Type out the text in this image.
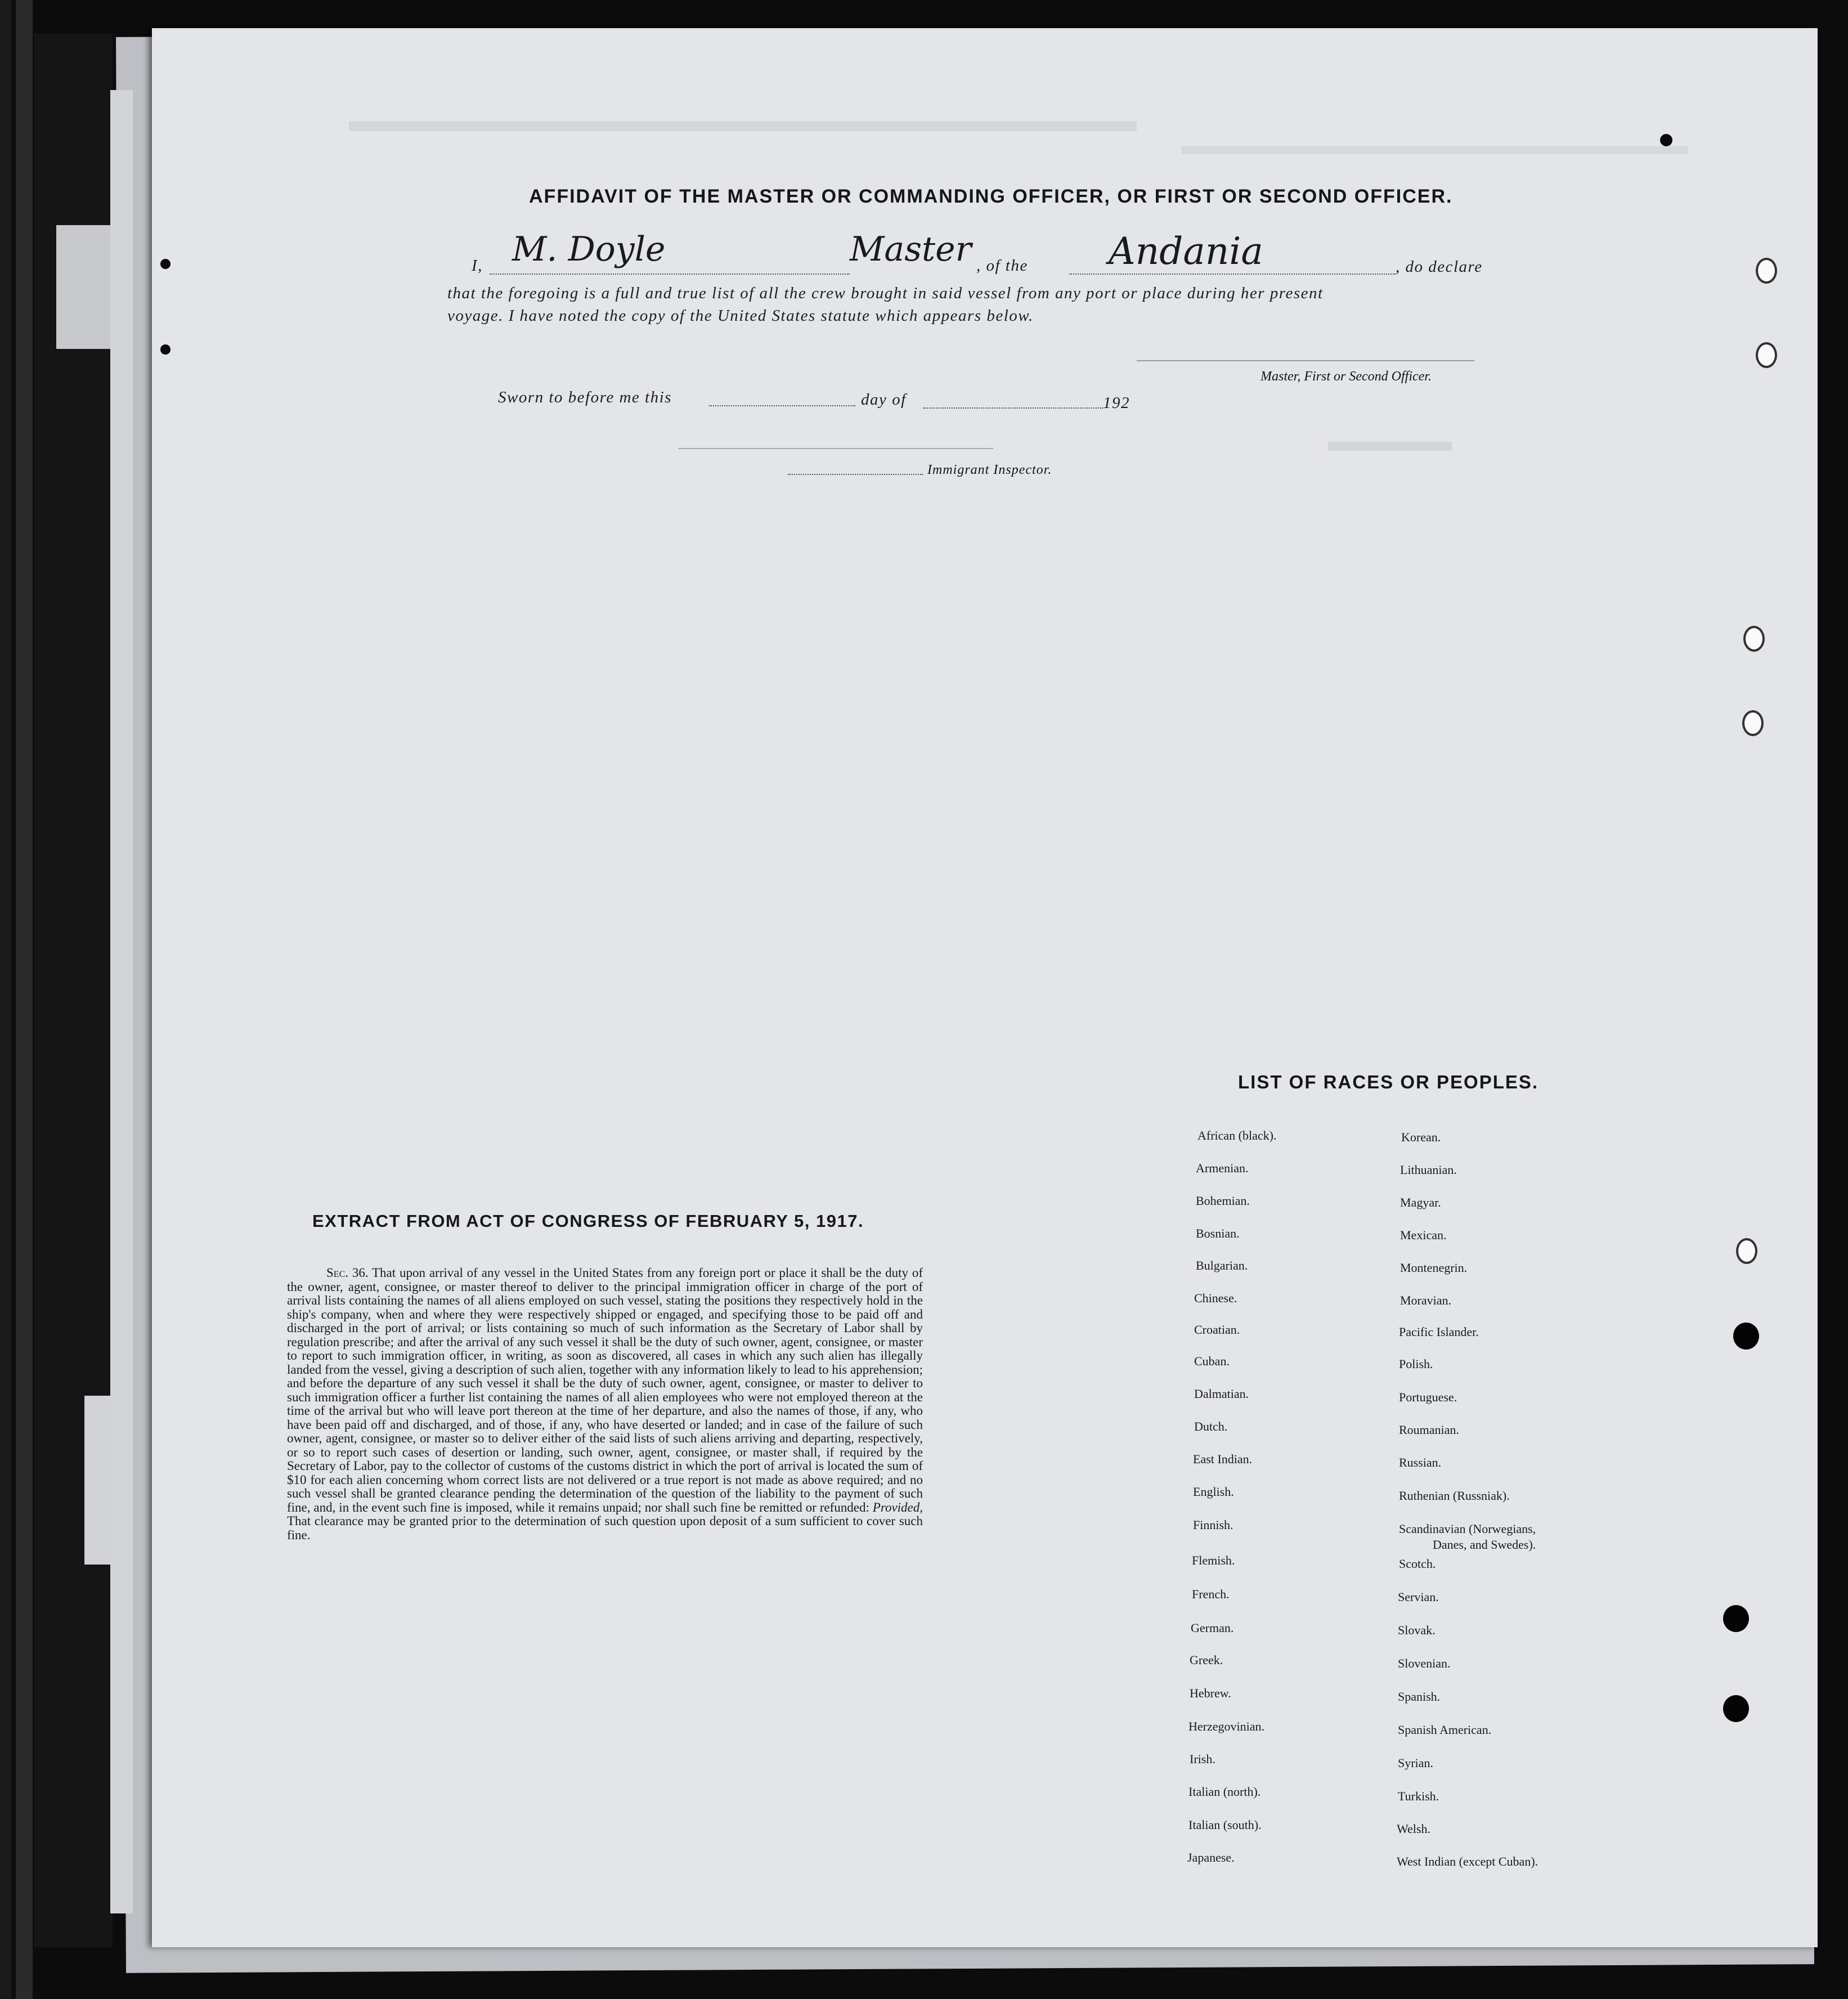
AFFIDAVIT OF THE MASTER OR COMMANDING OFFICER, OR FIRST OR SECOND OFFICER.
I, M. Doyle	Master , of the Andania	, do declare
that the foregoing is a full and true list of all the crew brought in said vessel from any port or place during her present
voyage. I have noted the copy of the United States statute which appears below.
Master, First or Second Officer.
Sworn to before me this	day of	192
Immigrant Inspector.
EXTRACT FROM ACT OF CONGRESS OF FEBRUARY 5, 1917.
Sec. 36. That upon arrival of any vessel in the United States from any foreign port or place it shall be the duty of the owner, agent, consignee, or master thereof to deliver to the principal immigration officer in charge of the port of arrival lists containing the names of all aliens employed on such vessel, stating the positions they respectively hold in the ship's company, when and where they were respectively shipped or engaged, and specifying those to be paid off and discharged in the port of arrival; or lists containing so much of such information as the Secretary of Labor shall by regulation prescribe; and after the arrival of any such vessel it shall be the duty of such owner, agent, consignee, or master to report to such immigration officer, in writing, as soon as discovered, all cases in which any such alien has illegally landed from the vessel, giving a description of such alien, together with any information likely to lead to his apprehension; and before the departure of any such vessel it shall be the duty of such owner, agent, consignee, or master to deliver to such immigration officer a further list containing the names of all alien employees who were not employed thereon at the time of the arrival but who will leave port thereon at the time of her departure, and also the names of those, if any, who have been paid off and discharged, and of those, if any, who have deserted or landed; and in case of the failure of such owner, agent, consignee, or master so to deliver either of the said lists of such aliens arriving and departing, respectively, or so to report such cases of desertion or landing, such owner, agent, consignee, or master shall, if required by the Secretary of Labor, pay to the collector of customs of the customs district in which the port of arrival is located the sum of $10 for each alien concerning whom correct lists are not delivered or a true report is not made as above required; and no such vessel shall be granted clearance pending the determination of the question of the liability to the payment of such fine, and, in the event such fine is imposed, while it remains unpaid; nor shall such fine be remitted or refunded: Provided, That clearance may be granted prior to the determination of such question upon deposit of a sum sufficient to cover such fine.
LIST OF RACES OR PEOPLES.
African (black).
Armenian.
Bohemian.
Bosnian.
Bulgarian.
Chinese.
Croatian.
Cuban.
Dalmatian.
Dutch.
East Indian.
English.
Finnish.
Flemish.
French.
German.
Greek.
Hebrew.
Herzegovinian.
Irish.
Italian (north).
Italian (south).
Japanese.
Korean.
Lithuanian.
Magyar.
Mexican.
Montenegrin.
Moravian.
Pacific Islander.
Polish.
Portuguese.
Roumanian.
Russian.
Ruthenian (Russniak).
Scandinavian (Norwegians,
Danes, and Swedes).
Scotch.
Servian.
Slovak.
Slovenian.
Spanish.
Spanish American.
Syrian.
Turkish.
Welsh.
West Indian (except Cuban).
